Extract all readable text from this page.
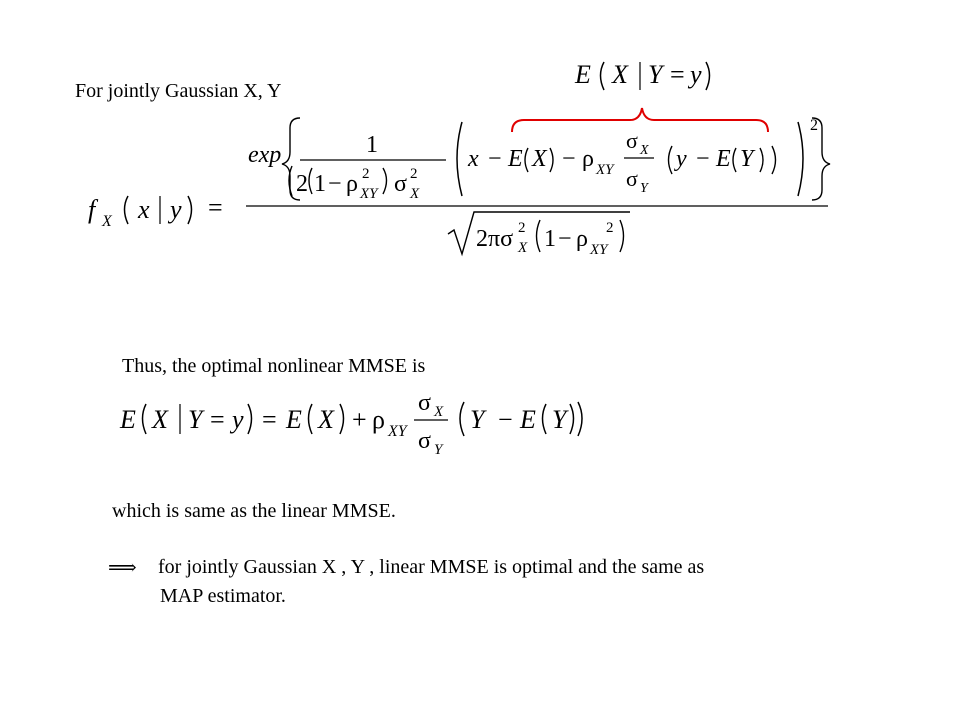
For jointly Gaussian X, Y
E X Y = y
f X x y =
exp	1
2 1 − ρ XY
2 σ 2
X
x − E X − ρ XY
σ X
σ Y
y − E Y
2
2πσ 2
X 1 − ρ XY
2
Thus, the optimal nonlinear MMSE is
E X Y = y = E X + ρ XY
σ X
σ Y
Y − E Y
which is same as the linear MMSE.
⟹ for jointly Gaussian X , Y , linear MMSE is optimal and the same as
MAP estimator.
